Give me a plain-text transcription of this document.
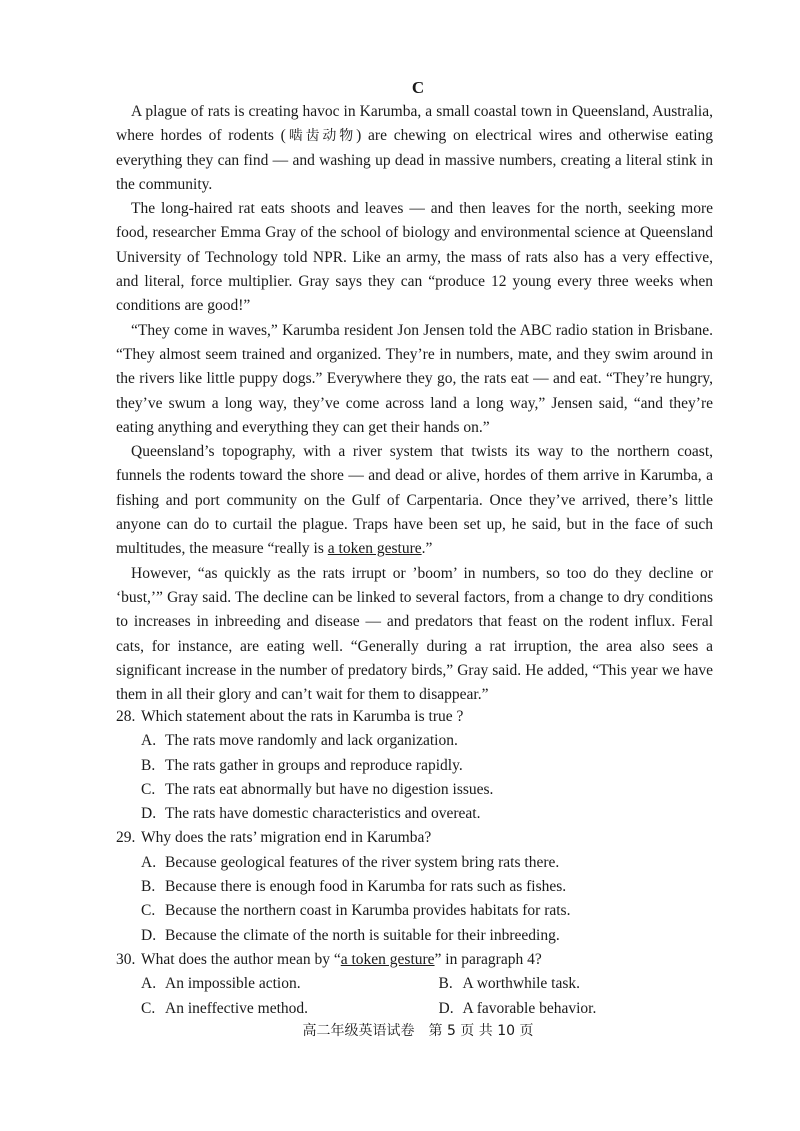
C

A plague of rats is creating havoc in Karumba, a small coastal town in Queensland, Australia, where hordes of rodents (啮齿动物) are chewing on electrical wires and otherwise eating everything they can find — and washing up dead in massive numbers, creating a literal stink in the community.

The long-haired rat eats shoots and leaves — and then leaves for the north, seeking more food, researcher Emma Gray of the school of biology and environmental science at Queensland University of Technology told NPR. Like an army, the mass of rats also has a very effective, and literal, force multiplier. Gray says they can “produce 12 young every three weeks when conditions are good!”

“They come in waves,” Karumba resident Jon Jensen told the ABC radio station in Brisbane. “They almost seem trained and organized. They’re in numbers, mate, and they swim around in the rivers like little puppy dogs.” Everywhere they go, the rats eat — and eat. “They’re hungry, they’ve swum a long way, they’ve come across land a long way,” Jensen said, “and they’re eating anything and everything they can get their hands on.”

Queensland’s topography, with a river system that twists its way to the northern coast, funnels the rodents toward the shore — and dead or alive, hordes of them arrive in Karumba, a fishing and port community on the Gulf of Carpentaria. Once they’ve arrived, there’s little anyone can do to curtail the plague. Traps have been set up, he said, but in the face of such multitudes, the measure “really is a token gesture.”

However, “as quickly as the rats irrupt or ’boom’ in numbers, so too do they decline or ‘bust,’” Gray said. The decline can be linked to several factors, from a change to dry conditions to increases in inbreeding and disease — and predators that feast on the rodent influx. Feral cats, for instance, are eating well. “Generally during a rat irruption, the area also sees a significant increase in the number of predatory birds,” Gray said. He added, “This year we have them in all their glory and can’t wait for them to disappear.”

28. Which statement about the rats in Karumba is true ?
A. The rats move randomly and lack organization.
B. The rats gather in groups and reproduce rapidly.
C. The rats eat abnormally but have no digestion issues.
D. The rats have domestic characteristics and overeat.
29. Why does the rats’ migration end in Karumba?
A. Because geological features of the river system bring rats there.
B. Because there is enough food in Karumba for rats such as fishes.
C. Because the northern coast in Karumba provides habitats for rats.
D. Because the climate of the north is suitable for their inbreeding.
30. What does the author mean by “a token gesture” in paragraph 4?
A. An impossible action.	B. A worthwhile task.
C. An ineffective method.	D. A favorable behavior.
高二年级英语试卷　第 5 页 共 10 页
